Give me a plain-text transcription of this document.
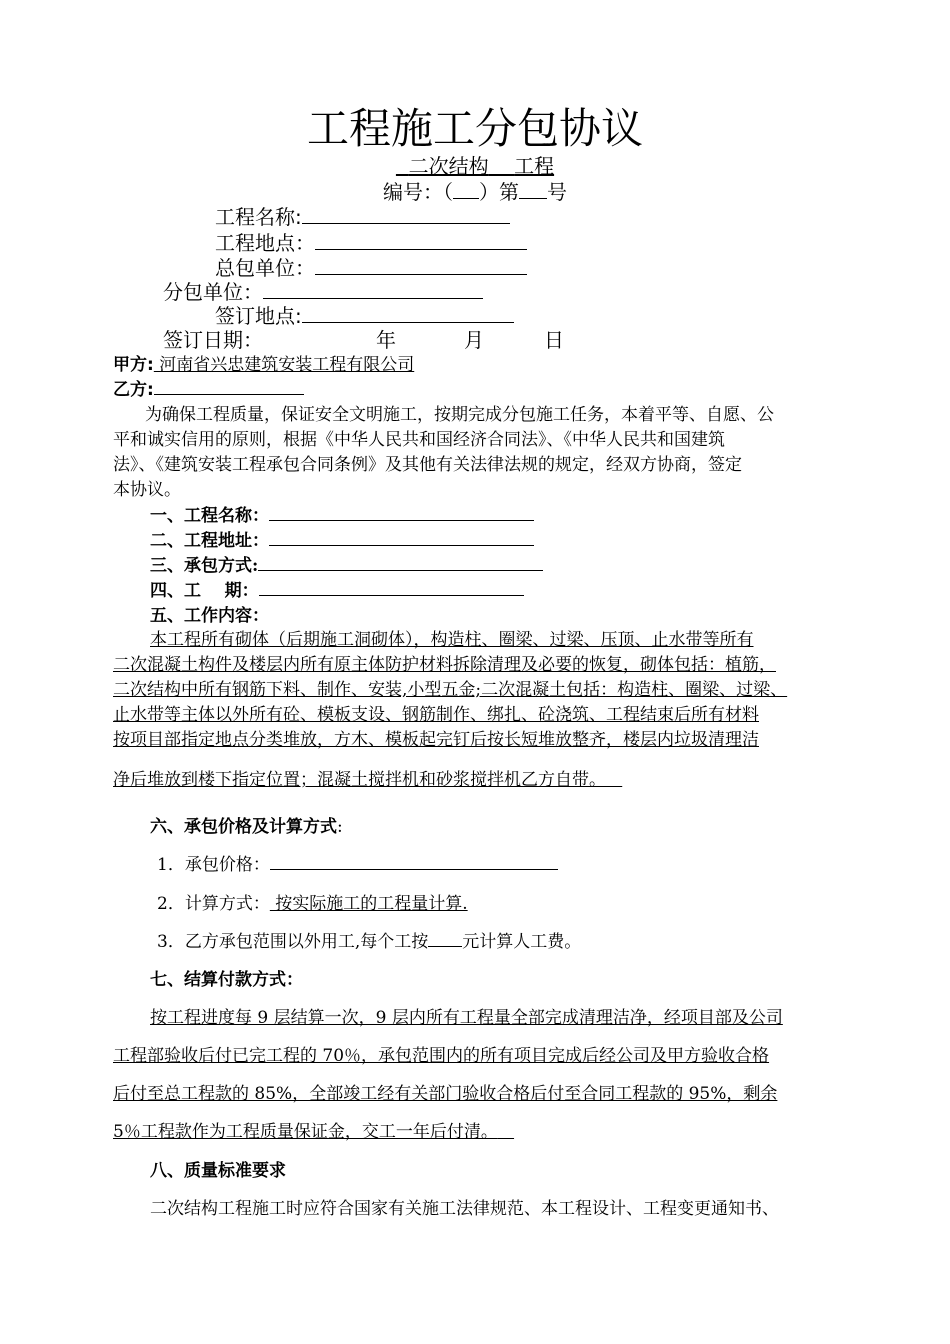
工程施工分包协议
二次结构 工程
编号：（ ）第 号
工程名称:
工程地点：
总包单位：
分包单位：
签订地点:
签订日期：	年	月	日
甲方: 河南省兴忠建筑安装工程有限公司
乙方:
为确保工程质量，保证安全文明施工，按期完成分包施工任务，本着平等、自愿、公
平和诚实信用的原则，根据《中华人民共和国经济合同法》、《中华人民共和国建筑
法》、《建筑安装工程承包合同条例》及其他有关法律法规的规定，经双方协商，签定
本协议。
一、工程名称：
二、工程地址：
三、承包方式:
四、工    期：
五、工作内容：
本工程所有砌体（后期施工洞砌体），构造柱、圈梁、过梁、压顶、止水带等所有
二次混凝土构件及楼层内所有原主体防护材料拆除清理及必要的恢复，砌体包括：植筋，
二次结构中所有钢筋下料、制作、安装,小型五金;二次混凝土包括：构造柱、圈梁、过梁、
止水带等主体以外所有砼、模板支设、钢筋制作、绑扎、砼浇筑、工程结束后所有材料
按项目部指定地点分类堆放，方木、模板起完钉后按长短堆放整齐，楼层内垃圾清理洁
净后堆放到楼下指定位置；混凝土搅拌机和砂浆搅拌机乙方自带。
六、承包价格及计算方式:
1．承包价格：
2．计算方式： 按实际施工的工程量计算.
3．乙方承包范围以外用工,每个工按 元计算人工费。
七、结算付款方式：
按工程进度每 9 层结算一次，9 层内所有工程量全部完成清理洁净，经项目部及公司
工程部验收后付已完工程的 70％，承包范围内的所有项目完成后经公司及甲方验收合格
后付至总工程款的 85%，全部竣工经有关部门验收合格后付至合同工程款的 95%，剩余
5％工程款作为工程质量保证金，交工一年后付清。
八、质量标准要求
二次结构工程施工时应符合国家有关施工法律规范、本工程设计、工程变更通知书、
